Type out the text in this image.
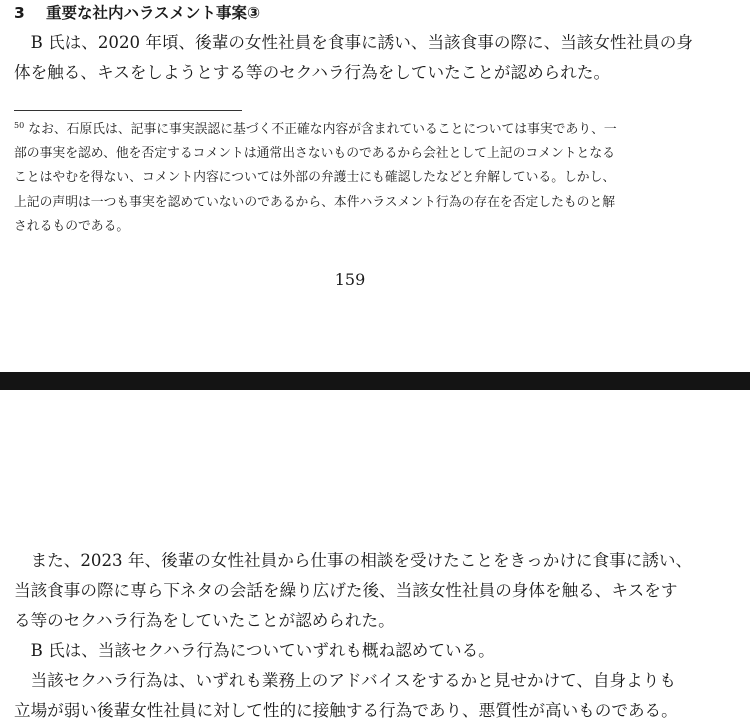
3 重要な社内ハラスメント事案③

　B 氏は、2020 年頃、後輩の女性社員を食事に誘い、当該食事の際に、当該女性社員の身
体を触る、キスをしようとする等のセクハラ行為をしていたことが認められた。

$^{50}$ なお、石原氏は、記事に事実誤認に基づく不正確な内容が含まれていることについては事実であり、一
部の事実を認め、他を否定するコメントは通常出さないものであるから会社として上記のコメントとなる
ことはやむを得ない、コメント内容については外部の弁護士にも確認したなどと弁解している。しかし、
上記の声明は一つも事実を認めていないのであるから、本件ハラスメント行為の存在を否定したものと解
されるものである。

159

　また、2023 年、後輩の女性社員から仕事の相談を受けたことをきっかけに食事に誘い、
当該食事の際に専ら下ネタの会話を繰り広げた後、当該女性社員の身体を触る、キスをす
る等のセクハラ行為をしていたことが認められた。
　B 氏は、当該セクハラ行為についていずれも概ね認めている。
　当該セクハラ行為は、いずれも業務上のアドバイスをするかと見せかけて、自身よりも
立場が弱い後輩女性社員に対して性的に接触する行為であり、悪質性が高いものである。
